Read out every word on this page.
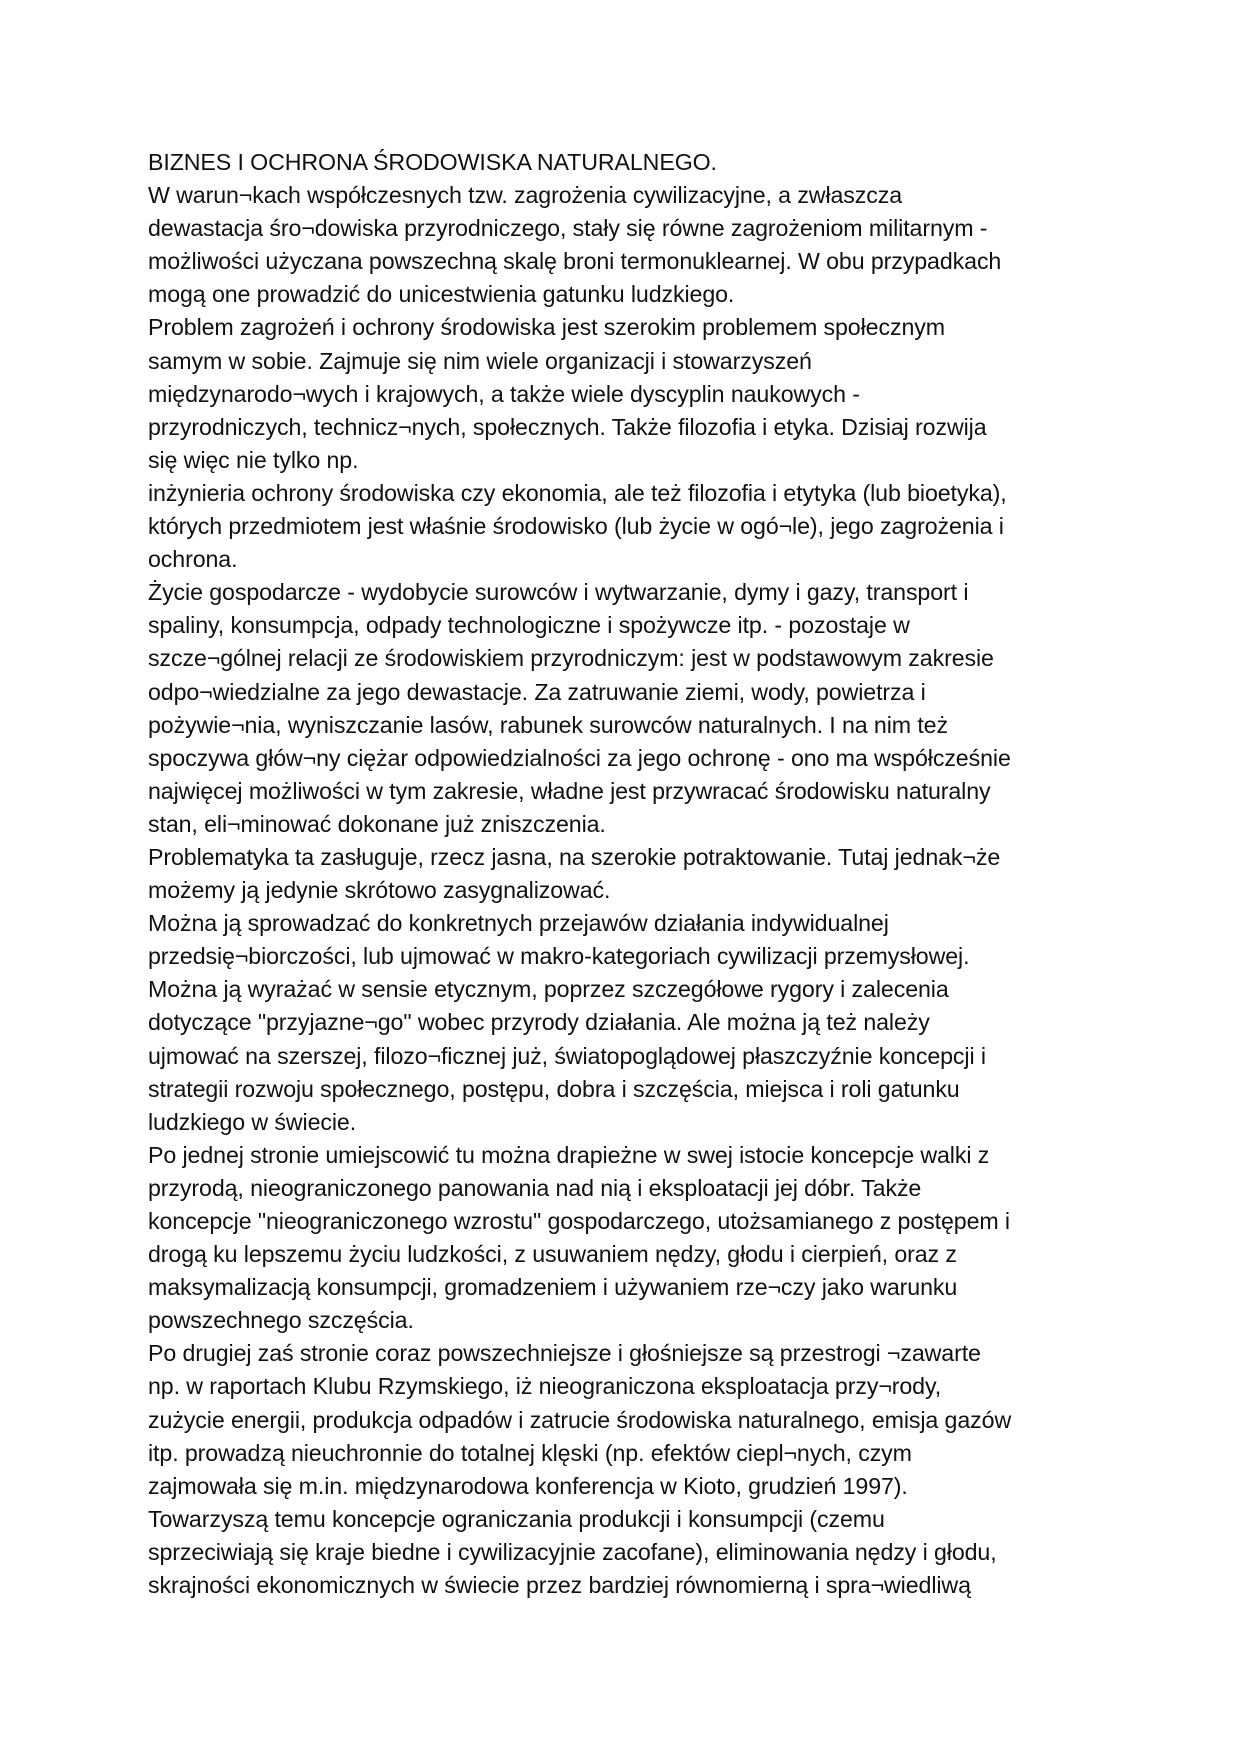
BIZNES I OCHRONA ŚRODOWISKA NATURALNEGO.
W warun¬kach współczesnych tzw. zagrożenia cywilizacyjne, a zwłaszcza
dewastacja śro¬dowiska przyrodniczego, stały się równe zagrożeniom militarnym -
możliwości użyczana powszechną skalę broni termonuklearnej. W obu przypadkach
mogą one prowadzić do unicestwienia gatunku ludzkiego.
Problem zagrożeń i ochrony środowiska jest szerokim problemem społecznym
samym w sobie. Zajmuje się nim wiele organizacji i stowarzyszeń
międzynarodo¬wych i krajowych, a także wiele dyscyplin naukowych -
przyrodniczych, technicz¬nych, społecznych. Także filozofia i etyka. Dzisiaj rozwija
się więc nie tylko np.
inżynieria ochrony środowiska czy ekonomia, ale też filozofia i etytyka (lub bioetyka),
których przedmiotem jest właśnie środowisko (lub życie w ogó¬le), jego zagrożenia i
ochrona.
Życie gospodarcze - wydobycie surowców i wytwarzanie, dymy i gazy, transport i
spaliny, konsumpcja, odpady technologiczne i spożywcze itp. - pozostaje w
szcze¬gólnej relacji ze środowiskiem przyrodniczym: jest w podstawowym zakresie
odpo¬wiedzialne za jego dewastacje. Za zatruwanie ziemi, wody, powietrza i
pożywie¬nia, wyniszczanie lasów, rabunek surowców naturalnych. I na nim też
spoczywa głów¬ny ciężar odpowiedzialności za jego ochronę - ono ma współcześnie
najwięcej możliwości w tym zakresie, władne jest przywracać środowisku naturalny
stan, eli¬minować dokonane już zniszczenia.
Problematyka ta zasługuje, rzecz jasna, na szerokie potraktowanie. Tutaj jednak¬że
możemy ją jedynie skrótowo zasygnalizować.
Można ją sprowadzać do konkretnych przejawów działania indywidualnej
przedsię¬biorczości, lub ujmować w makro-kategoriach cywilizacji przemysłowej.
Można ją wyrażać w sensie etycznym, poprzez szczegółowe rygory i zalecenia
dotyczące "przyjazne¬go" wobec przyrody działania. Ale można ją też należy
ujmować na szerszej, filozo¬ficznej już, światopoglądowej płaszczyźnie koncepcji i
strategii rozwoju społecznego, postępu, dobra i szczęścia, miejsca i roli gatunku
ludzkiego w świecie.
Po jednej stronie umiejscowić tu można drapieżne w swej istocie koncepcje walki z
przyrodą, nieograniczonego panowania nad nią i eksploatacji jej dóbr. Także
koncepcje "nieograniczonego wzrostu" gospodarczego, utożsamianego z postępem i
drogą ku lepszemu życiu ludzkości, z usuwaniem nędzy, głodu i cierpień, oraz z
maksymalizacją konsumpcji, gromadzeniem i używaniem rze¬czy jako warunku
powszechnego szczęścia.
Po drugiej zaś stronie coraz powszechniejsze i głośniejsze są przestrogi ¬zawarte
np. w raportach Klubu Rzymskiego, iż nieograniczona eksploatacja przy¬rody,
zużycie energii, produkcja odpadów i zatrucie środowiska naturalnego, emisja gazów
itp. prowadzą nieuchronnie do totalnej klęski (np. efektów ciepl¬nych, czym
zajmowała się m.in. międzynarodowa konferencja w Kioto, grudzień 1997).
Towarzyszą temu koncepcje ograniczania produkcji i konsumpcji (czemu
sprzeciwiają się kraje biedne i cywilizacyjnie zacofane), eliminowania nędzy i głodu,
skrajności ekonomicznych w świecie przez bardziej równomierną i spra¬wiedliwą
